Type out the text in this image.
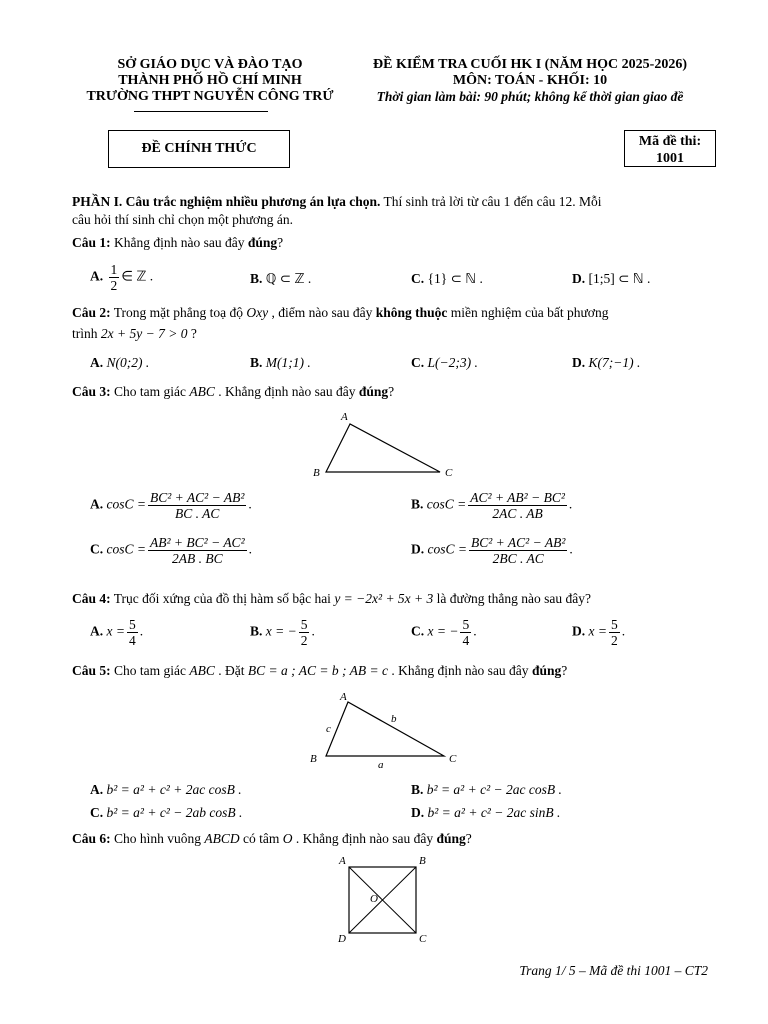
SỞ GIÁO DỤC VÀ ĐÀO TẠO
THÀNH PHỐ HỒ CHÍ MINH
TRƯỜNG THPT NGUYỄN CÔNG TRỨ
ĐỀ KIỂM TRA CUỐI HK I (NĂM HỌC 2025-2026)
MÔN: TOÁN - KHỐI: 10
Thời gian làm bài: 90 phút; không kể thời gian giao đề
ĐỀ CHÍNH THỨC	Mã đề thi:
1001
PHẦN I. Câu trắc nghiệm nhiều phương án lựa chọn. Thí sinh trả lời từ câu 1 đến câu 12. Mỗi
câu hỏi thí sinh chỉ chọn một phương án.
Câu 1: Khẳng định nào sau đây đúng?
A. $\frac{1}{2}$ ∈ ℤ .	B. ℚ ⊂ ℤ .	C. {1} ⊂ ℕ .	D. [1;5] ⊂ ℕ .
Câu 2: Trong mặt phẳng toạ độ Oxy , điểm nào sau đây không thuộc miền nghiệm của bất phương
trình 2x + 5y − 7 > 0 ?
A. N(0;2) .	B. M(1;1) .	C. L(−2;3) .	D. K(7;−1) .
Câu 3: Cho tam giác ABC . Khẳng định nào sau đây đúng?
A
B	C
A. $\cos C = \frac{\text{BC² + AC² − AB²}}{BC . AC}$ .	B. $\cos C = \frac{\text{AC² + AB² − BC²}}{2AC . AB}$ .
C. $\cos C = \frac{\text{AB² + BC² − AC²}}{2AB . BC}$ .	D. $\cos C = \frac{\text{BC² + AC² − AB²}}{2BC . AC}$ .
Câu 4: Trục đối xứng của đồ thị hàm số bậc hai y = −2x² + 5x + 3 là đường thẳng nào sau đây?
A. $x = \frac{5}{4}$ .	B. x = − $\frac{5}{2}$ .	C. x = − $\frac{5}{4}$ .	D. $x = \frac{5}{2}$ .
Câu 5: Cho tam giác ABC . Đặt BC = a ; AC = b ; AB = c . Khẳng định nào sau đây đúng?
A
B	C
c
b
a
A. b² = a² + c² + 2ac cosB .	B. b² = a² + c² − 2ac cosB .
C. b² = a² + c² − 2ab cosB .	D. b² = a² + c² − 2ac sinB .
Câu 6: Cho hình vuông ABCD có tâm O . Khẳng định nào sau đây đúng?
A	B
D	C
O
Trang 1/ 5 – Mã đề thi 1001 – CT2
